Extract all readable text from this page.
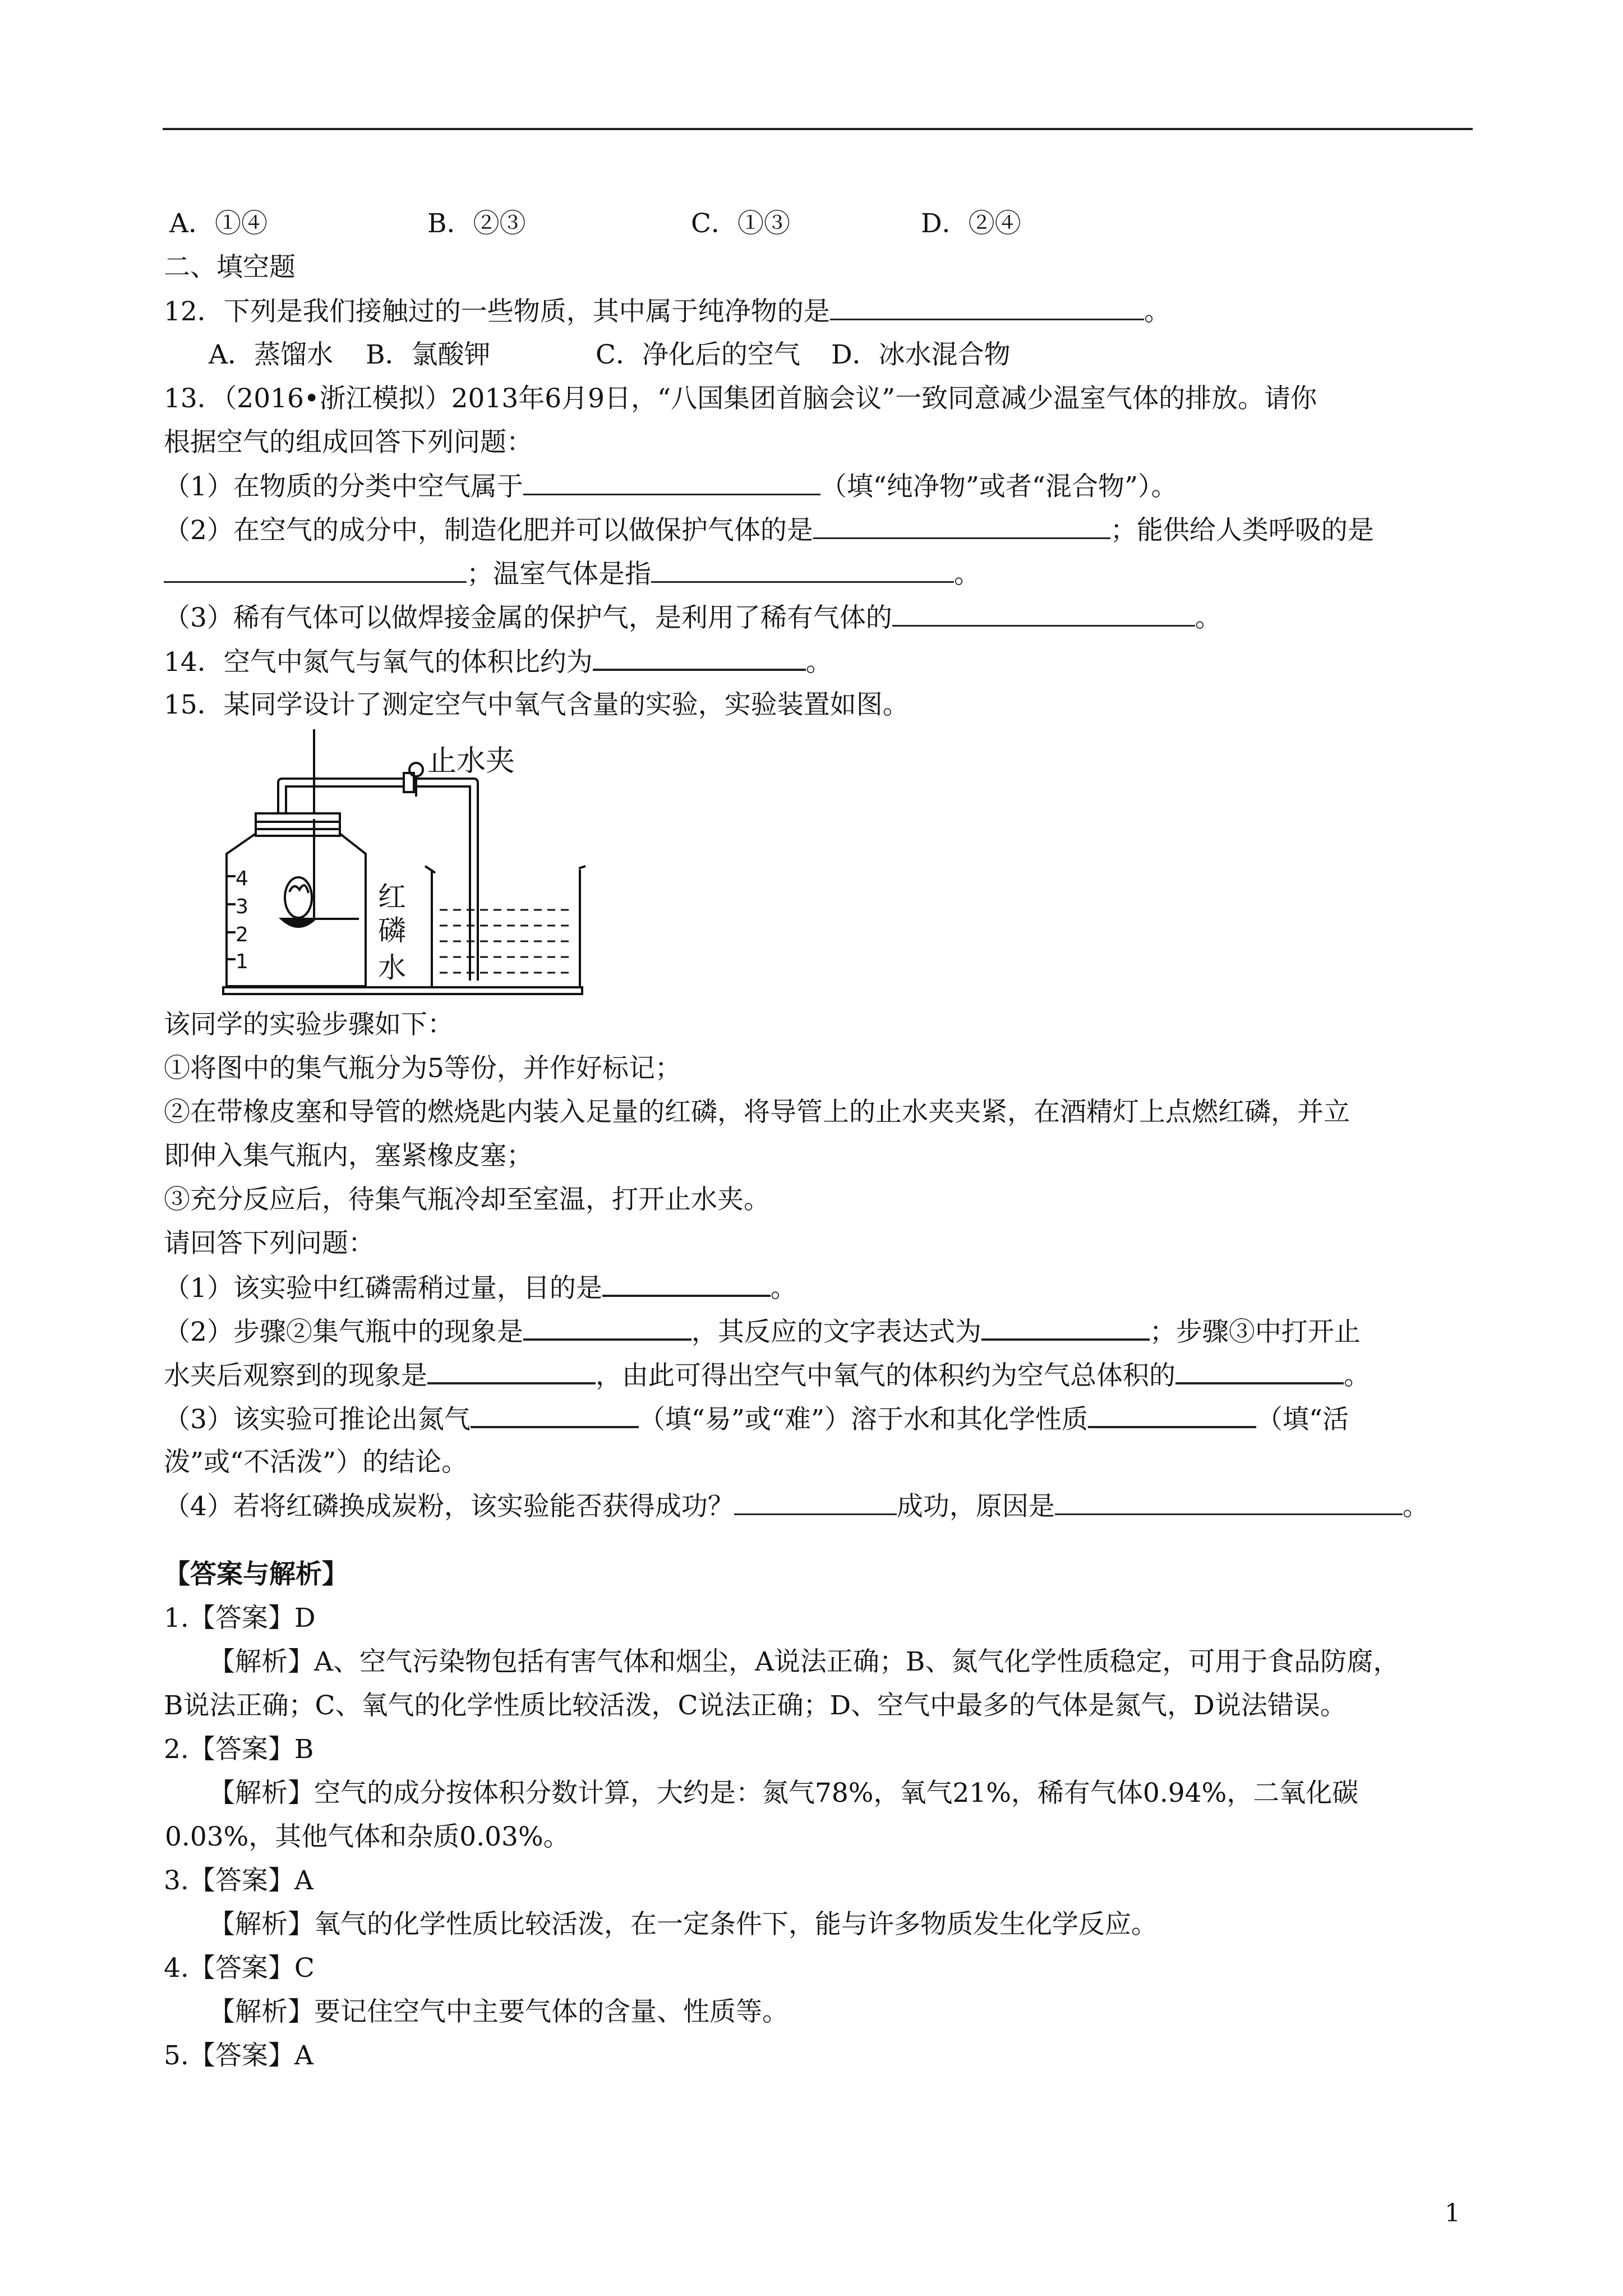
A．①④	B．②③	C．①③	D．②④
二、填空题
12．下列是我们接触过的一些物质，其中属于纯净物的是	。
A．蒸馏水 B．氯酸钾	C．净化后的空气 D．冰水混合物
13．（2016•浙江模拟）2013年6月9日，“八国集团首脑会议”一致同意减少温室气体的排放。请你
根据空气的组成回答下列问题：
（1）在物质的分类中空气属于	（填“纯净物”或者“混合物”）。
（2）在空气的成分中，制造化肥并可以做保护气体的是	；能供给人类呼吸的是
；温室气体是指	。
（3）稀有气体可以做焊接金属的保护气，是利用了稀有气体的	。
14．空气中氮气与氧气的体积比约为	。
15．某同学设计了测定空气中氧气含量的实验，实验装置如图。
止水夹
红
磷
水
4
3
2
1
该同学的实验步骤如下：
①将图中的集气瓶分为5等份，并作好标记；
②在带橡皮塞和导管的燃烧匙内装入足量的红磷，将导管上的止水夹夹紧，在酒精灯上点燃红磷，并立
即伸入集气瓶内，塞紧橡皮塞；
③充分反应后，待集气瓶冷却至室温，打开止水夹。
请回答下列问题：
（1）该实验中红磷需稍过量，目的是	。
（2）步骤②集气瓶中的现象是	，其反应的文字表达式为	；步骤③中打开止
水夹后观察到的现象是	，由此可得出空气中氧气的体积约为空气总体积的	。
（3）该实验可推论出氮气	（填“易”或“难”）溶于水和其化学性质	（填“活
泼”或“不活泼”）的结论。
（4）若将红磷换成炭粉，该实验能否获得成功？	成功，原因是	。
【答案与解析】
1.【答案】D
【解析】A、空气污染物包括有害气体和烟尘，A说法正确；B、氮气化学性质稳定，可用于食品防腐，
B说法正确；C、氧气的化学性质比较活泼，C说法正确；D、空气中最多的气体是氮气，D说法错误。
2.【答案】B
【解析】空气的成分按体积分数计算，大约是：氮气78%，氧气21%，稀有气体0.94%，二氧化碳
0.03%，其他气体和杂质0.03%。
3.【答案】A
【解析】氧气的化学性质比较活泼，在一定条件下，能与许多物质发生化学反应。
4.【答案】C
【解析】要记住空气中主要气体的含量、性质等。
5.【答案】A
1
